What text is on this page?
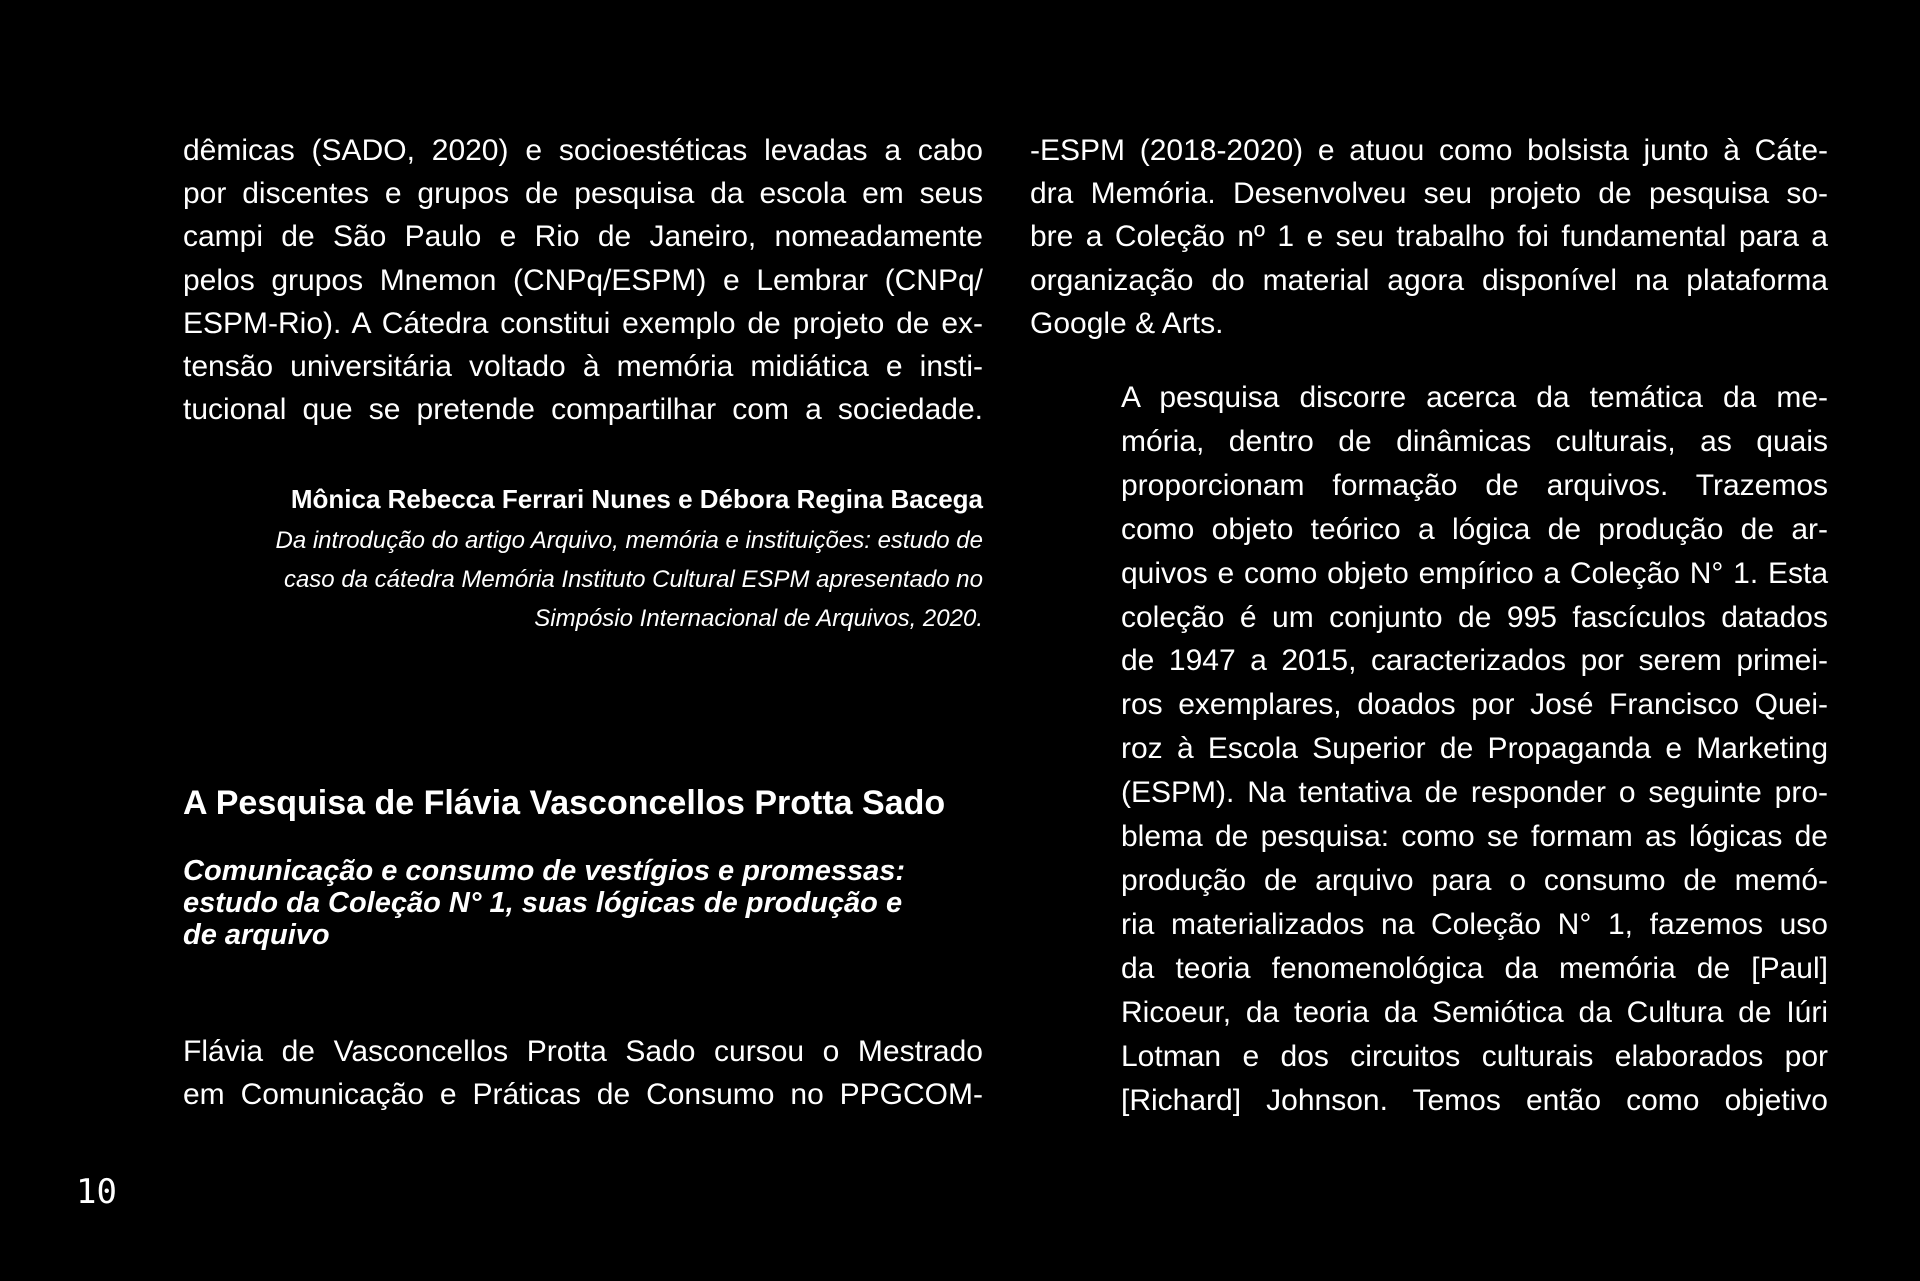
dêmicas (SADO, 2020) e socioestéticas levadas a cabo
por discentes e grupos de pesquisa da escola em seus
campi de São Paulo e Rio de Janeiro, nomeadamente
pelos grupos Mnemon (CNPq/ESPM) e Lembrar (CNPq/
ESPM-Rio). A Cátedra constitui exemplo de projeto de ex-
tensão universitária voltado à memória midiática e insti-
tucional que se pretende compartilhar com a sociedade.
Mônica Rebecca Ferrari Nunes e Débora Regina Bacega
Da introdução do artigo Arquivo, memória e instituições: estudo de
caso da cátedra Memória Instituto Cultural ESPM apresentado no
Simpósio Internacional de Arquivos, 2020.
A Pesquisa de Flávia Vasconcellos Protta Sado
Comunicação e consumo de vestígios e promessas:
estudo da Coleção N° 1, suas lógicas de produção e
de arquivo
Flávia de Vasconcellos Protta Sado cursou o Mestrado
em Comunicação e Práticas de Consumo no PPGCOM-
-ESPM (2018-2020) e atuou como bolsista junto à Cáte-
dra Memória. Desenvolveu seu projeto de pesquisa so-
bre a Coleção nº 1 e seu trabalho foi fundamental para a
organização do material agora disponível na plataforma
Google & Arts.
A pesquisa discorre acerca da temática da me-
mória, dentro de dinâmicas culturais, as quais
proporcionam formação de arquivos. Trazemos
como objeto teórico a lógica de produção de ar-
quivos e como objeto empírico a Coleção N° 1. Esta
coleção é um conjunto de 995 fascículos datados
de 1947 a 2015, caracterizados por serem primei-
ros exemplares, doados por José Francisco Quei-
roz à Escola Superior de Propaganda e Marketing
(ESPM). Na tentativa de responder o seguinte pro-
blema de pesquisa: como se formam as lógicas de
produção de arquivo para o consumo de memó-
ria materializados na Coleção N° 1, fazemos uso
da teoria fenomenológica da memória de [Paul]
Ricoeur, da teoria da Semiótica da Cultura de Iúri
Lotman e dos circuitos culturais elaborados por
[Richard] Johnson. Temos então como objetivo
10
